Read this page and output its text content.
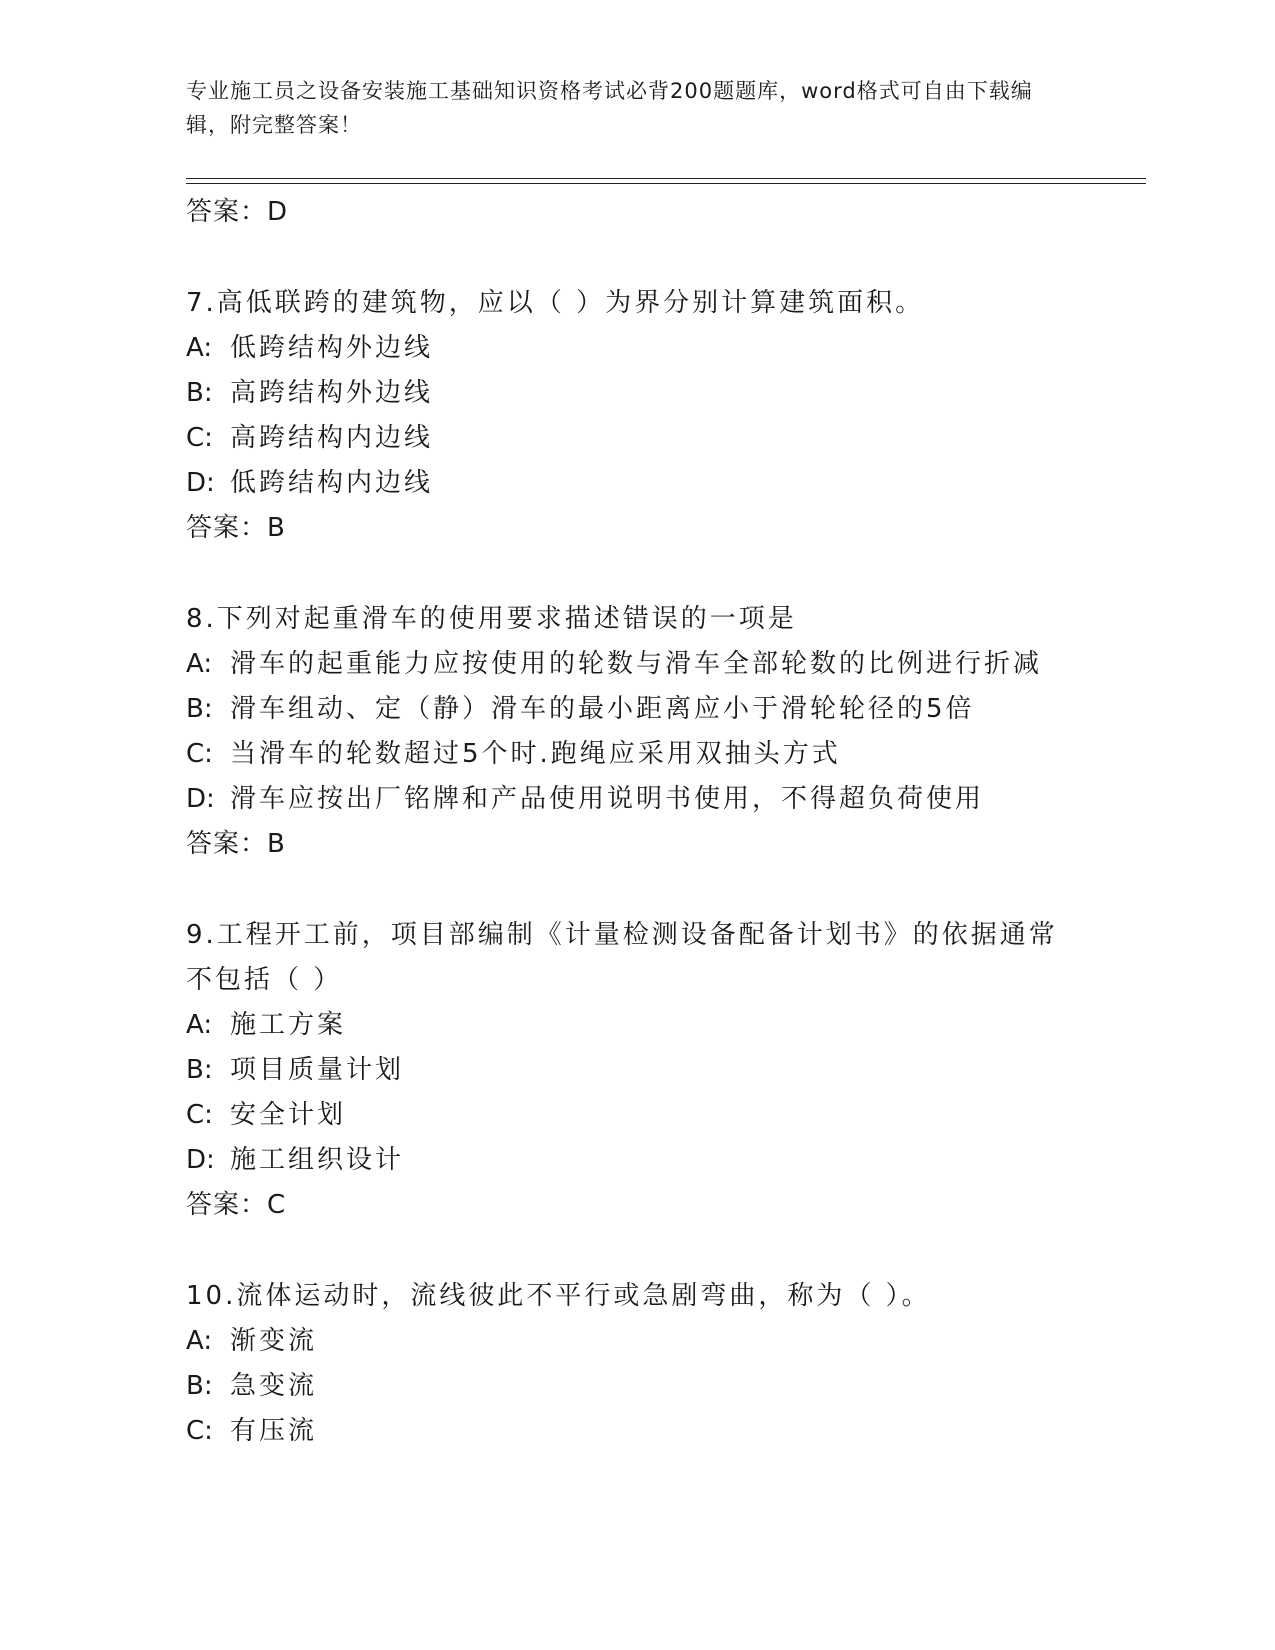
专业施工员之设备安装施工基础知识资格考试必背200题题库，word格式可自由下载编辑，附完整答案！
答案：D
7.高低联跨的建筑物，应以（ ）为界分别计算建筑面积。
A: 低跨结构外边线
B: 高跨结构外边线
C: 高跨结构内边线
D: 低跨结构内边线
答案：B
8.下列对起重滑车的使用要求描述错误的一项是
A: 滑车的起重能力应按使用的轮数与滑车全部轮数的比例进行折减
B: 滑车组动、定（静）滑车的最小距离应小于滑轮轮径的5倍
C: 当滑车的轮数超过5个时.跑绳应采用双抽头方式
D: 滑车应按出厂铭牌和产品使用说明书使用，不得超负荷使用
答案：B
9.工程开工前，项目部编制《计量检测设备配备计划书》的依据通常不包括（ ）
A: 施工方案
B: 项目质量计划
C: 安全计划
D: 施工组织设计
答案：C
10.流体运动时，流线彼此不平行或急剧弯曲，称为（ ）。
A: 渐变流
B: 急变流
C: 有压流
